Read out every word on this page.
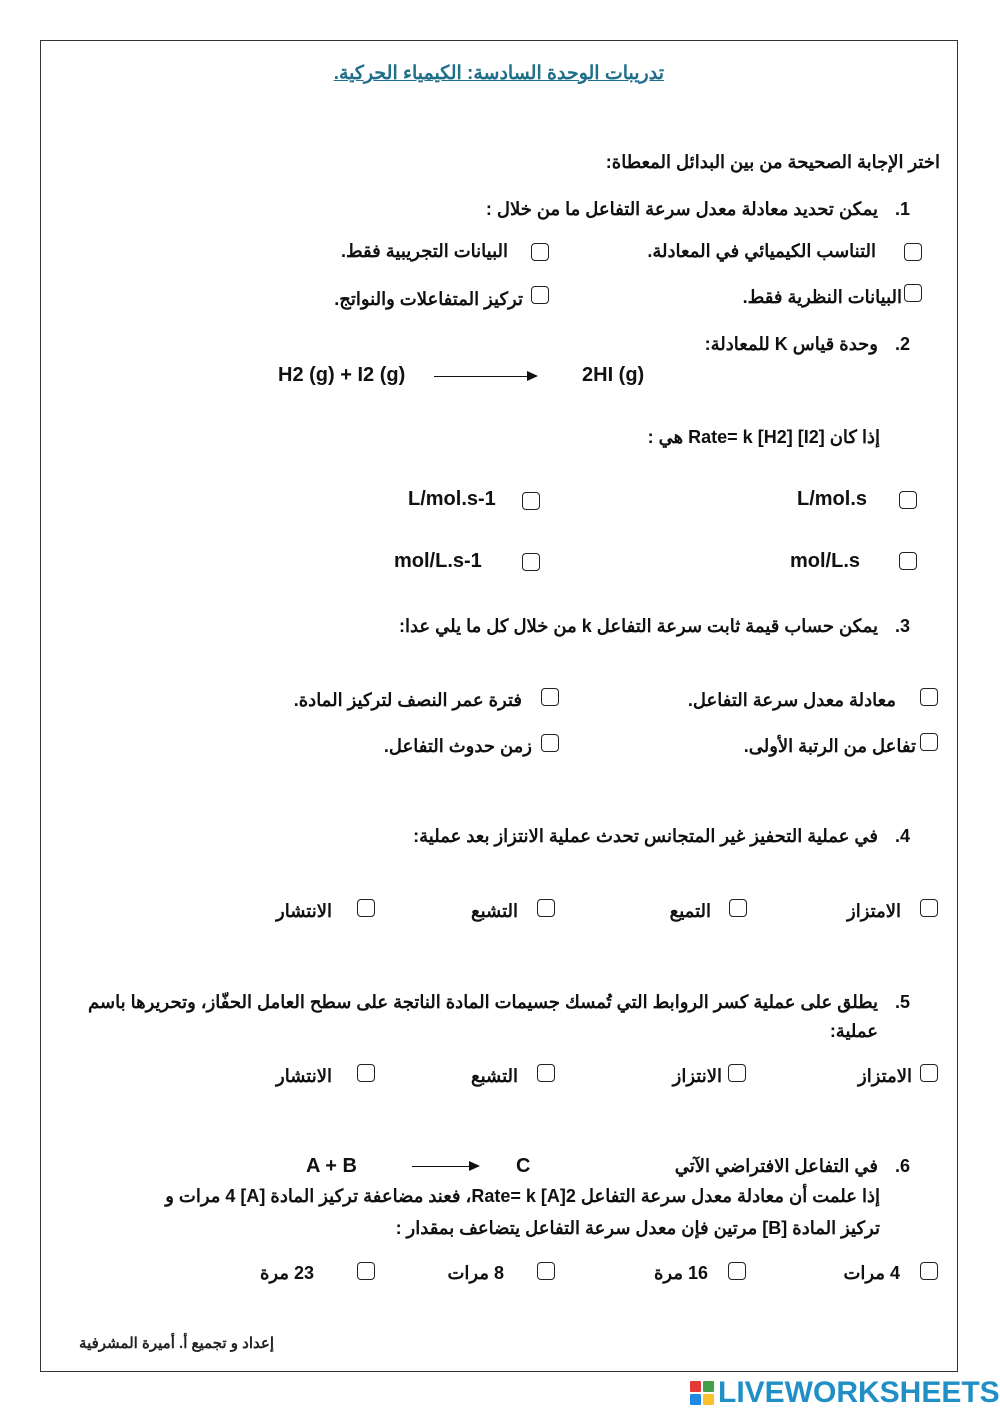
تدريبات الوحدة السادسة: الكيمياء الحركية.
اختر الإجابة الصحيحة من بين البدائل المعطاة:
1.
يمكن تحديد معادلة معدل سرعة التفاعل ما من خلال :
التناسب الكيميائي في المعادلة.
البيانات التجريبية فقط.
البيانات النظرية فقط.
تركيز المتفاعلات والنواتج.
2.
وحدة قياس K للمعادلة:
H2 (g) + I2 (g)	2HI (g)
إذا كان Rate= k [H2] [I2] هي :
L/mol.s
L/mol.s-1
mol/L.s
mol/L.s-1
3.
يمكن حساب قيمة ثابت سرعة التفاعل k من خلال كل ما يلي عدا:
معادلة معدل سرعة التفاعل.
فترة عمر النصف لتركيز المادة.
تفاعل من الرتبة الأولى.
زمن حدوث التفاعل.
4.
في عملية التحفيز غير المتجانس تحدث عملية الانتزاز بعد عملية:
الامتزاز
التميع
التشبع
الانتشار
5.
يطلق على عملية كسر الروابط التي تُمسك جسيمات المادة الناتجة على سطح العامل الحفّاز، وتحريرها باسم
عملية:
الامتزاز
الانتزاز
التشبع
الانتشار
6.
في التفاعل الافتراضي الآتي
A + B	C
إذا علمت أن معادلة معدل سرعة التفاعل Rate= k [A]2، فعند مضاعفة تركيز المادة [A] 4 مرات و
تركيز المادة [B] مرتين فإن معدل سرعة التفاعل يتضاعف بمقدار :
4 مرات
16 مرة
8 مرات
23 مرة
إعداد و تجميع أ. أميرة المشرفية
LIVEWORKSHEETS
